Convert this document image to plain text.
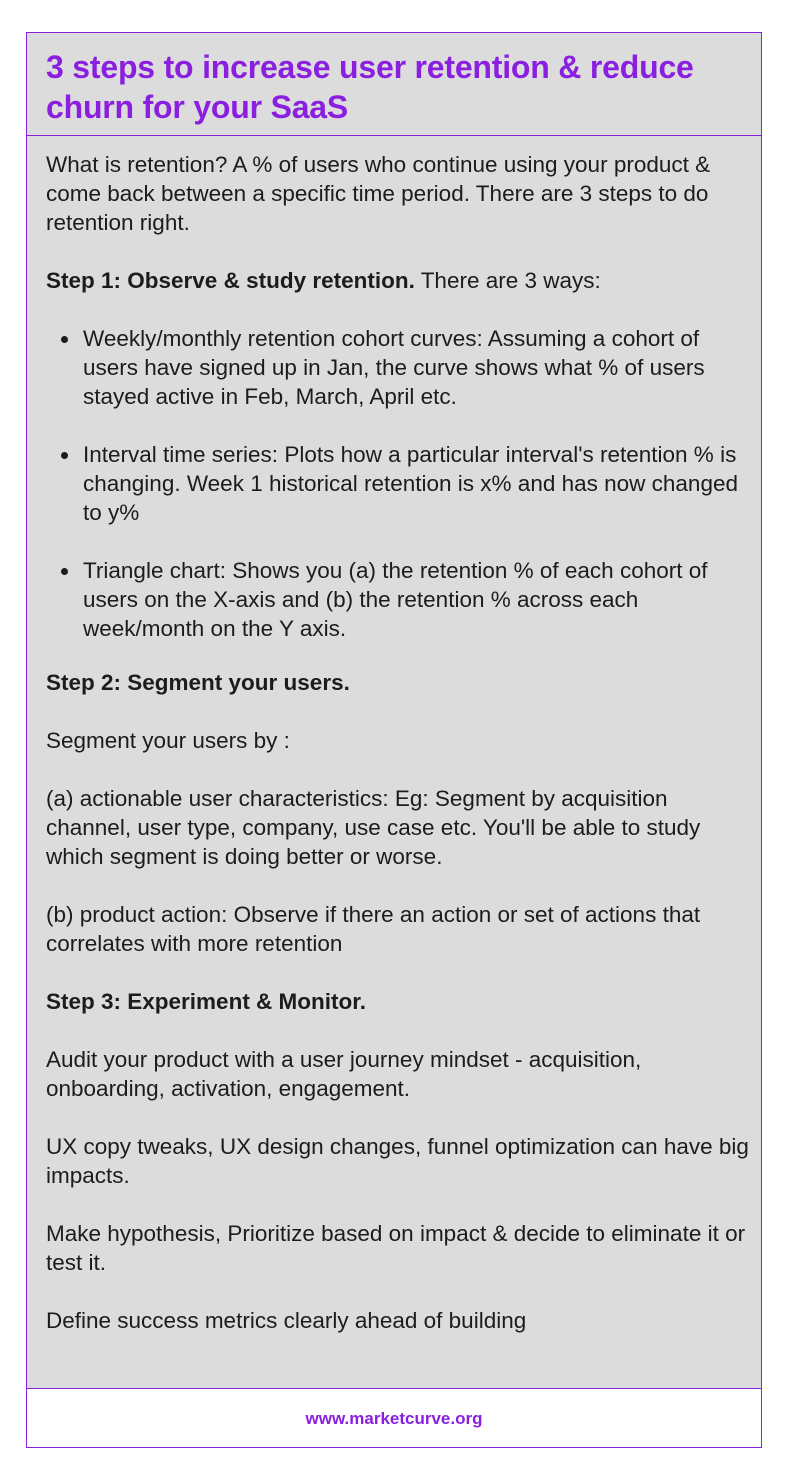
3 steps to increase user retention & reduce churn for your SaaS

What is retention? A % of users who continue using your product & come back between a specific time period. There are 3 steps to do retention right.

Step 1: Observe & study retention. There are 3 ways:

Weekly/monthly retention cohort curves: Assuming a cohort of users have signed up in Jan, the curve shows what % of users stayed active in Feb, March, April etc.
Interval time series: Plots how a particular interval's retention % is changing. Week 1 historical retention is x% and has now changed to y%
Triangle chart: Shows you (a) the retention % of each cohort of users on the X-axis and (b) the retention % across each week/month on the Y axis.

Step 2: Segment your users.

Segment your users by :

(a) actionable user characteristics: Eg: Segment by acquisition channel, user type, company, use case etc. You'll be able to study which segment is doing better or worse.

(b) product action: Observe if there an action or set of actions that correlates with more retention

Step 3: Experiment & Monitor.

Audit your product with a user journey mindset - acquisition, onboarding, activation, engagement.

UX copy tweaks, UX design changes, funnel optimization can have big impacts.

Make hypothesis, Prioritize based on impact & decide to eliminate it or test it.

Define success metrics clearly ahead of building

www.marketcurve.org
